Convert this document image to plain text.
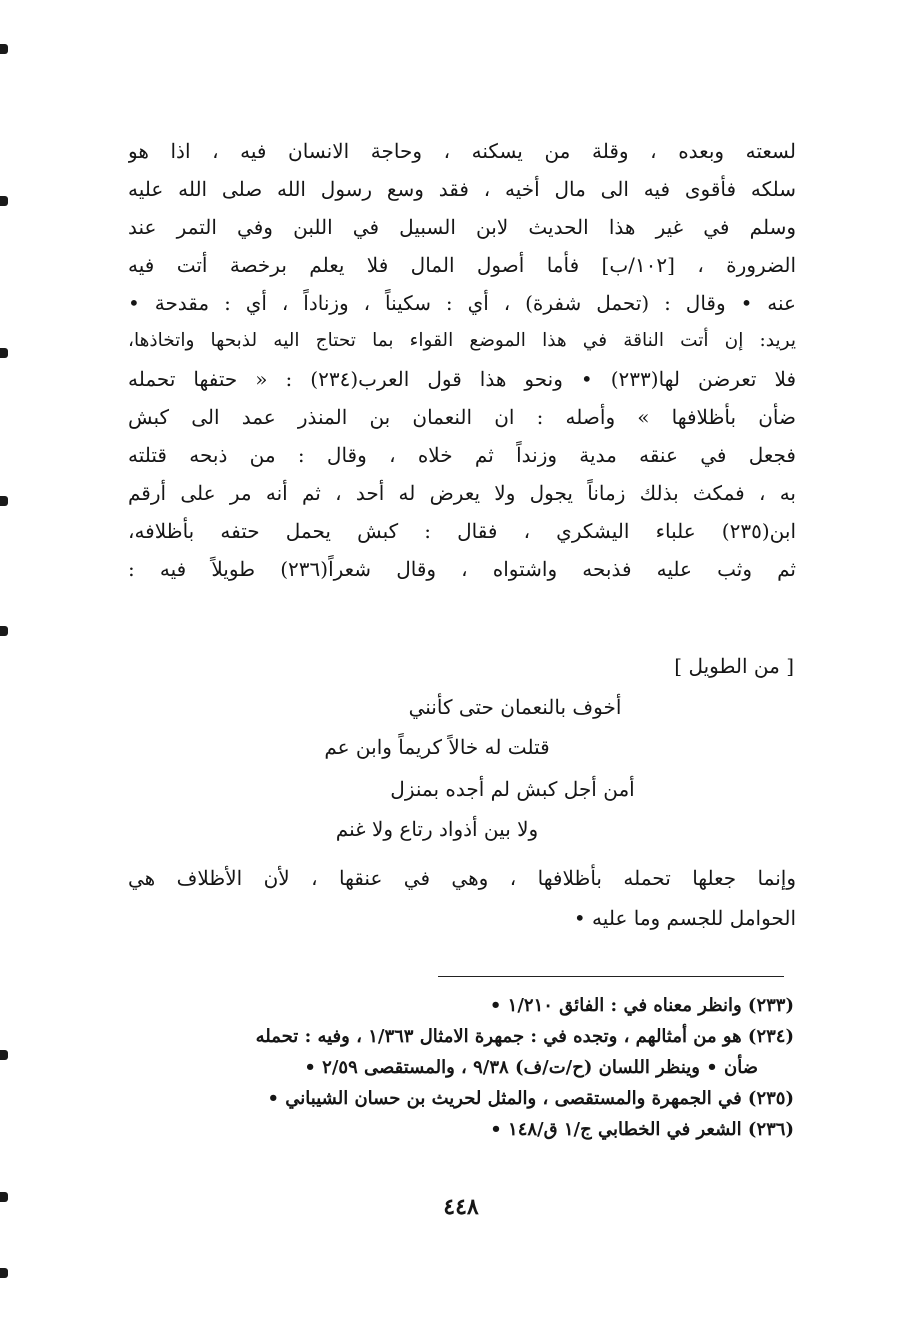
لسعته وبعده ، وقلة من يسكنه ، وحاجة الانسان فيه ، اذا هو
سلكه فأقوى فيه الى مال أخيه ، فقد وسع رسول الله صلى الله عليه
وسلم في غير هذا الحديث لابن السبيل في اللبن وفي التمر عند
الضرورة ، [١٠٢/ب] فأما أصول المال فلا يعلم برخصة أتت فيه
عنه • وقال : (تحمل شفرة) ، أي : سكيناً ، وزناداً ، أي : مقدحة •
يريد: إن أتت الناقة في هذا الموضع القواء بما تحتاج اليه لذبحها واتخاذها،
فلا تعرضن لها(٢٣٣) • ونحو هذا قول العرب(٢٣٤) : « حتفها تحمله
ضأن بأظلافها » وأصله : ان النعمان بن المنذر عمد الى كبش
فجعل في عنقه مدية وزنداً ثم خلاه ، وقال : من ذبحه قتلته
به ، فمكث بذلك زماناً يجول ولا يعرض له أحد ، ثم أنه مر على أرقم
ابن(٢٣٥) علباء اليشكري ، فقال : كبش يحمل حتفه بأظلافه،
ثم وثب عليه فذبحه واشتواه ، وقال شعراً(٢٣٦) طويلاً فيه :
[ من الطويل ]
أخوف بالنعمان حتى كأنني
قتلت له خالاً كريماً وابن عم
أمن أجل كبش لم أجده بمنزل
ولا بين أذواد رتاع ولا غنم
وإنما جعلها تحمله بأظلافها ، وهي في عنقها ، لأن الأظلاف هي
الحوامل للجسم وما عليه •
(٢٣٣) وانظر معناه في : الفائق ١/٢١٠ •
(٢٣٤) هو من أمثالهم ، وتجده في : جمهرة الامثال ١/٣٦٣ ، وفيه : تحمله
ضأن • وينظر اللسان (ح/ت/ف) ٩/٣٨ ، والمستقصى ٢/٥٩ •
(٢٣٥) في الجمهرة والمستقصى ، والمثل لحريث بن حسان الشيباني •
(٢٣٦) الشعر في الخطابي ج/١ ق/١٤٨ •
٤٤٨
